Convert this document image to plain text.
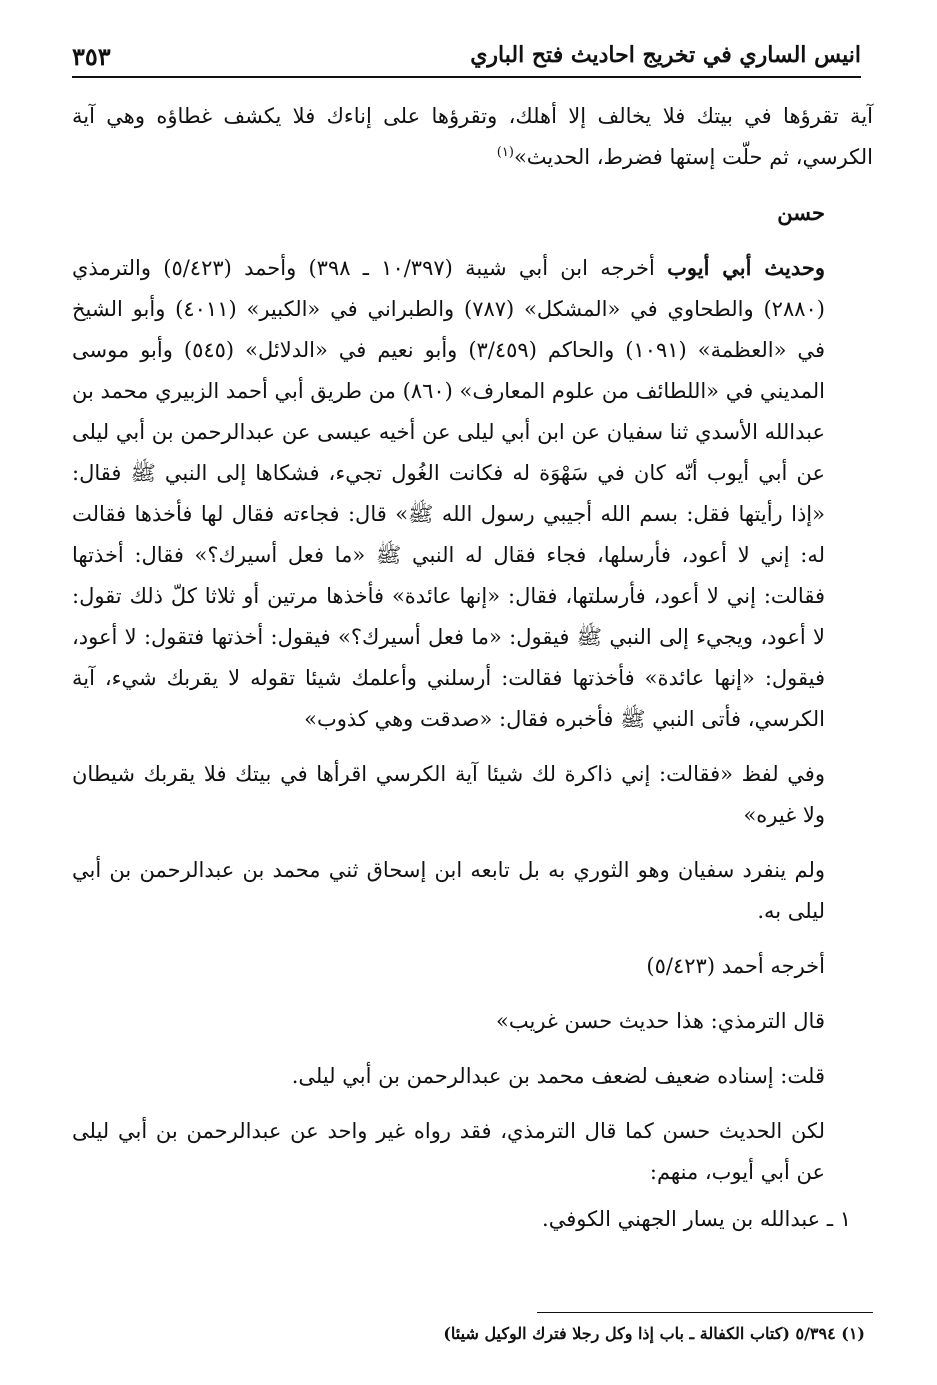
انيس الساري في تخريج احاديث فتح الباري
٣٥٣

آية تقرؤها في بيتك فلا يخالف إلا أهلك، وتقرؤها على إناءك فلا يكشف غطاؤه وهي آية الكرسي، ثم حلّت إستها فضرط، الحديث»$^{(١)}$

حسن

وحديث أبي أيوب أخرجه ابن أبي شيبة (١٠/٣٩٧ ـ ٣٩٨) وأحمد (٥/٤٢٣) والترمذي (٢٨٨٠) والطحاوي في «المشكل» (٧٨٧) والطبراني في «الكبير» (٤٠١١) وأبو الشيخ في «العظمة» (١٠٩١) والحاكم (٣/٤٥٩) وأبو نعيم في «الدلائل» (٥٤٥) وأبو موسى المديني في «اللطائف من علوم المعارف» (٨٦٠) من طريق أبي أحمد الزبيري محمد بن عبدالله الأسدي ثنا سفيان عن ابن أبي ليلى عن أخيه عيسى عن عبدالرحمن بن أبي ليلى عن أبي أيوب أنّه كان في سَهْوَة له فكانت الغُول تجيء، فشكاها إلى النبي ﷺ فقال: «إذا رأيتها فقل: بسم الله أجيبي رسول الله ﷺ» قال: فجاءته فقال لها فأخذها فقالت له: إني لا أعود، فأرسلها، فجاء فقال له النبي ﷺ «ما فعل أسيرك؟» فقال: أخذتها فقالت: إني لا أعود، فأرسلتها، فقال: «إنها عائدة» فأخذها مرتين أو ثلاثا كلّ ذلك تقول: لا أعود، ويجيء إلى النبي ﷺ فيقول: «ما فعل أسيرك؟» فيقول: أخذتها فتقول: لا أعود، فيقول: «إنها عائدة» فأخذتها فقالت: أرسلني وأعلمك شيئا تقوله لا يقربك شيء، آية الكرسي، فأتى النبي ﷺ فأخبره فقال: «صدقت وهي كذوب»

وفي لفظ «فقالت: إني ذاكرة لك شيئا آية الكرسي اقرأها في بيتك فلا يقربك شيطان ولا غيره»

ولم ينفرد سفيان وهو الثوري به بل تابعه ابن إسحاق ثني محمد بن عبدالرحمن بن أبي ليلى به.

أخرجه أحمد (٥/٤٢٣)

قال الترمذي: هذا حديث حسن غريب»

قلت: إسناده ضعيف لضعف محمد بن عبدالرحمن بن أبي ليلى.

لكن الحديث حسن كما قال الترمذي، فقد رواه غير واحد عن عبدالرحمن بن أبي ليلى عن أبي أيوب، منهم:

١ ـ عبدالله بن يسار الجهني الكوفي.

(١) ٥/٣٩٤ (كتاب الكفالة ـ باب إذا وكل رجلا فترك الوكيل شيئا)
